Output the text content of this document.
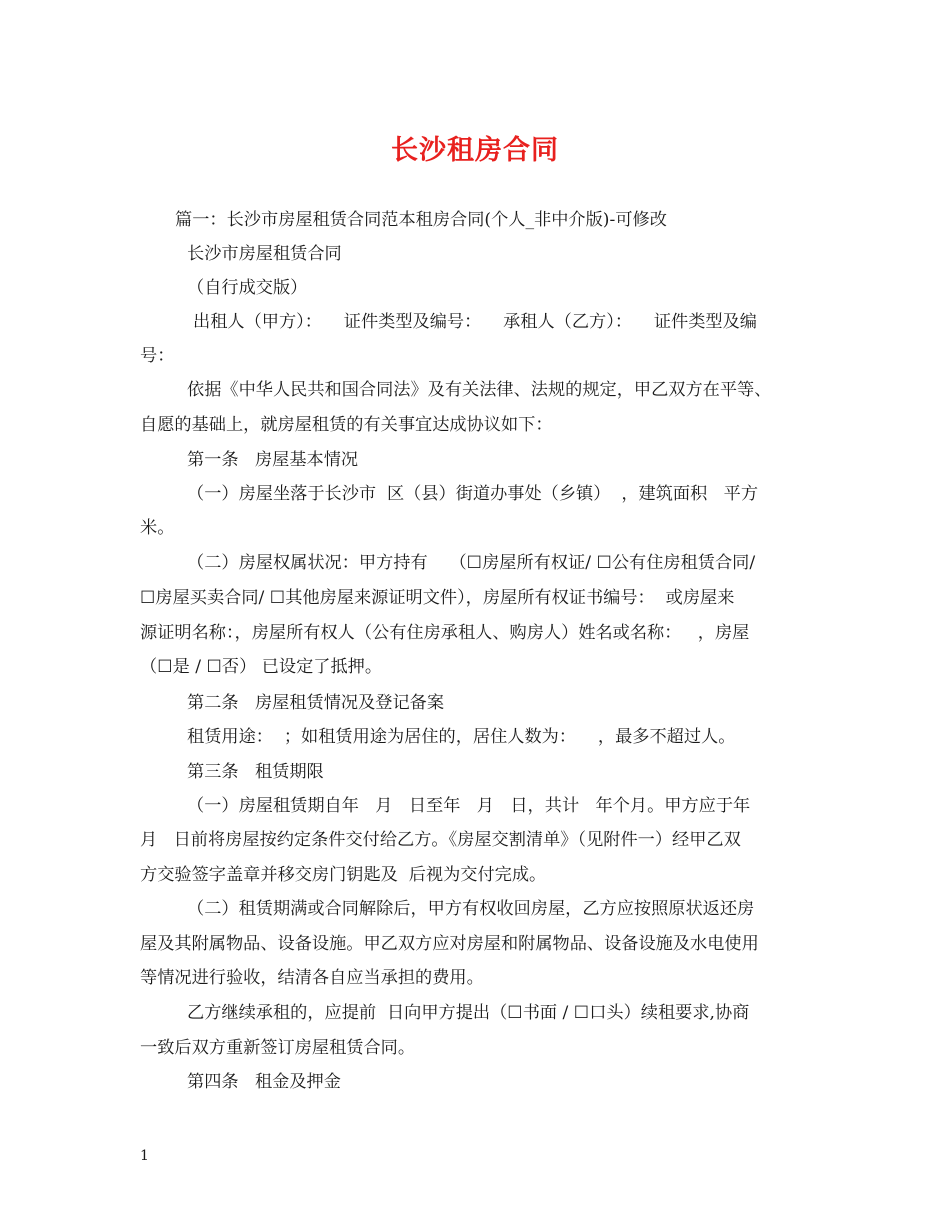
长沙租房合同
篇一：长沙市房屋租赁合同范本租房合同(个人_非中介版)-可修改
长沙市房屋租赁合同
（自行成交版）
出租人（甲方）：    证件类型及编号：    承租人（乙方）：    证件类型及编
号：
依据《中华人民共和国合同法》及有关法律、法规的规定，甲乙双方在平等、
自愿的基础上，就房屋租赁的有关事宜达成协议如下：
第一条   房屋基本情况
（一）房屋坐落于长沙市  区（县）街道办事处（乡镇）  ，建筑面积   平方
米。
（二）房屋权属状况：甲方持有    （☐房屋所有权证/ ☐公有住房租赁合同/
☐房屋买卖合同/ ☐其他房屋来源证明文件），房屋所有权证书编号：  或房屋来
源证明名称：，房屋所有权人（公有住房承租人、购房人）姓名或名称：   ，房屋
（☐是 / ☐否） 已设定了抵押。
第二条   房屋租赁情况及登记备案
租赁用途：  ；如租赁用途为居住的，居住人数为：    ，最多不超过人。
第三条   租赁期限
（一）房屋租赁期自年   月   日至年   月   日，共计   年个月。甲方应于年
月   日前将房屋按约定条件交付给乙方。《房屋交割清单》（见附件一）经甲乙双
方交验签字盖章并移交房门钥匙及  后视为交付完成。
（二）租赁期满或合同解除后，甲方有权收回房屋，乙方应按照原状返还房
屋及其附属物品、设备设施。甲乙双方应对房屋和附属物品、设备设施及水电使用
等情况进行验收，结清各自应当承担的费用。
乙方继续承租的，应提前  日向甲方提出（☐书面 / ☐口头）续租要求,协商
一致后双方重新签订房屋租赁合同。
第四条   租金及押金
1
